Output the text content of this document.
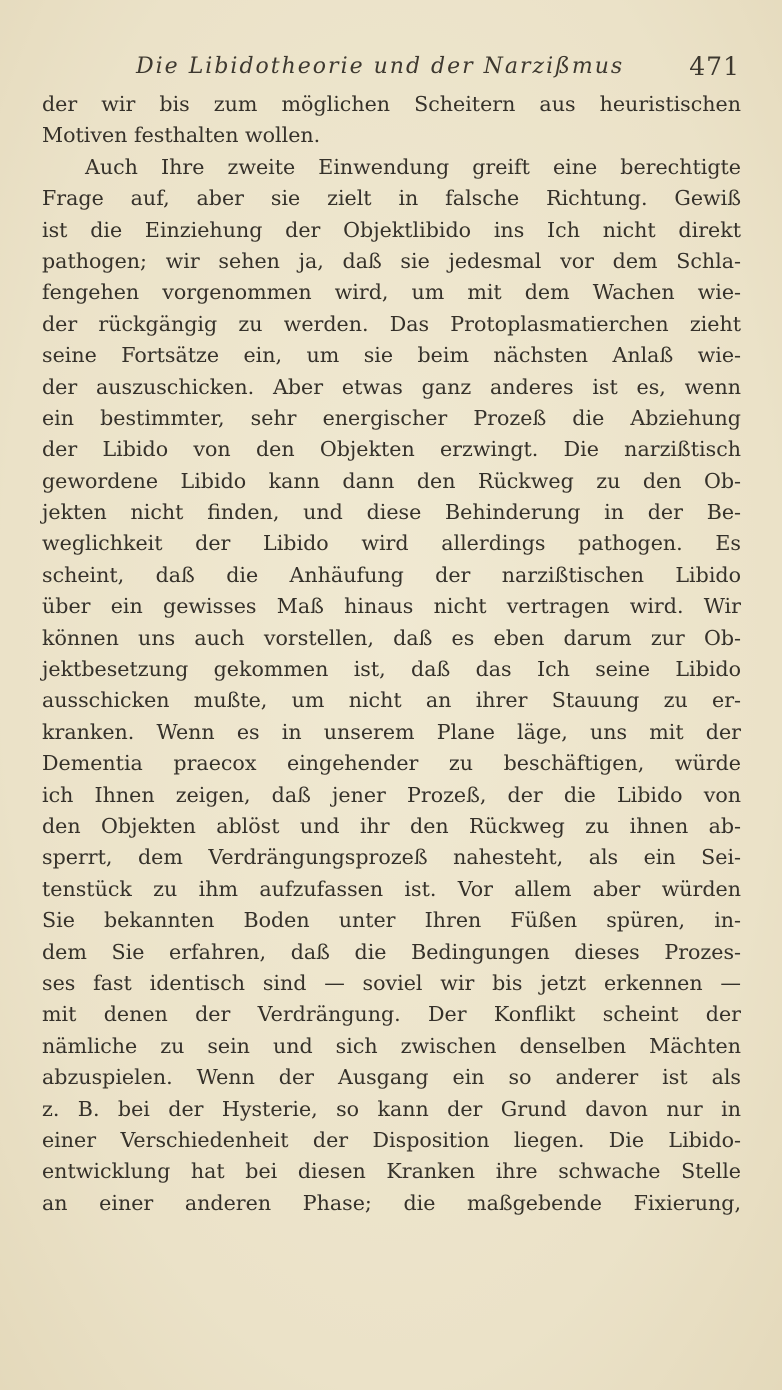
Die Libidotheorie und der Narzißmus	471
der wir bis zum möglichen Scheitern aus heuristischen
Motiven festhalten wollen.
Auch Ihre zweite Einwendung greift eine berechtigte
Frage auf, aber sie zielt in falsche Richtung. Gewiß
ist die Einziehung der Objektlibido ins Ich nicht direkt
pathogen; wir sehen ja, daß sie jedesmal vor dem Schla-
fengehen vorgenommen wird, um mit dem Wachen wie-
der rückgängig zu werden. Das Protoplasmatierchen zieht
seine Fortsätze ein, um sie beim nächsten Anlaß wie-
der auszuschicken. Aber etwas ganz anderes ist es, wenn
ein bestimmter, sehr energischer Prozeß die Abziehung
der Libido von den Objekten erzwingt. Die narzißtisch
gewordene Libido kann dann den Rückweg zu den Ob-
jekten nicht finden, und diese Behinderung in der Be-
weglichkeit der Libido wird allerdings pathogen. Es
scheint, daß die Anhäufung der narzißtischen Libido
über ein gewisses Maß hinaus nicht vertragen wird. Wir
können uns auch vorstellen, daß es eben darum zur Ob-
jektbesetzung gekommen ist, daß das Ich seine Libido
ausschicken mußte, um nicht an ihrer Stauung zu er-
kranken. Wenn es in unserem Plane läge, uns mit der
Dementia praecox eingehender zu beschäftigen, würde
ich Ihnen zeigen, daß jener Prozeß, der die Libido von
den Objekten ablöst und ihr den Rückweg zu ihnen ab-
sperrt, dem Verdrängungsprozeß nahesteht, als ein Sei-
tenstück zu ihm aufzufassen ist. Vor allem aber würden
Sie bekannten Boden unter Ihren Füßen spüren, in-
dem Sie erfahren, daß die Bedingungen dieses Prozes-
ses fast identisch sind — soviel wir bis jetzt erkennen —
mit denen der Verdrängung. Der Konflikt scheint der
nämliche zu sein und sich zwischen denselben Mächten
abzuspielen. Wenn der Ausgang ein so anderer ist als
z. B. bei der Hysterie, so kann der Grund davon nur in
einer Verschiedenheit der Disposition liegen. Die Libido-
entwicklung hat bei diesen Kranken ihre schwache Stelle
an einer anderen Phase; die maßgebende Fixierung,
